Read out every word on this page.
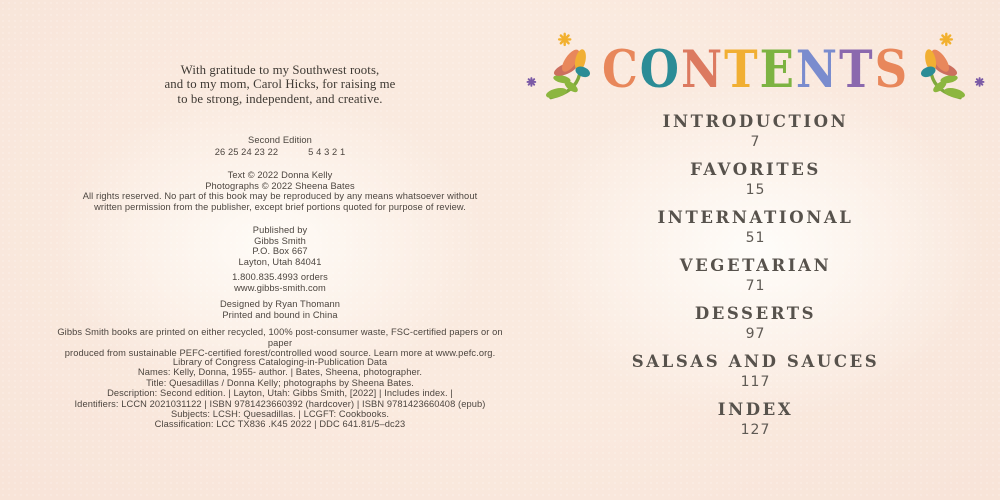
With gratitude to my Southwest roots,
and to my mom, Carol Hicks, for raising me
to be strong, independent, and creative.
Second Edition
26 25 24 23 22	5 4 3 2 1
Text © 2022 Donna Kelly
Photographs © 2022 Sheena Bates
All rights reserved. No part of this book may be reproduced by any means whatsoever without
written permission from the publisher, except brief portions quoted for purpose of review.
Published by
Gibbs Smith
P.O. Box 667
Layton, Utah 84041
1.800.835.4993 orders
www.gibbs-smith.com
Designed by Ryan Thomann
Printed and bound in China
Gibbs Smith books are printed on either recycled, 100% post-consumer waste, FSC-certified papers or on paper
produced from sustainable PEFC-certified forest/controlled wood source. Learn more at www.pefc.org.
Library of Congress Cataloging-in-Publication Data
Names: Kelly, Donna, 1955- author. | Bates, Sheena, photographer.
Title: Quesadillas / Donna Kelly; photographs by Sheena Bates.
Description: Second edition. | Layton, Utah: Gibbs Smith, [2022] | Includes index. |
Identifiers: LCCN 2021031122 | ISBN 9781423660392 (hardcover) | ISBN 9781423660408 (epub)
Subjects: LCSH: Quesadillas. | LCGFT: Cookbooks.
Classification: LCC TX836 .K45 2022 | DDC 641.81/5–dc23
CONTENTS
INTRODUCTION
7
FAVORITES
15
INTERNATIONAL
51
VEGETARIAN
71
DESSERTS
97
SALSAS AND SAUCES
117
INDEX
127
